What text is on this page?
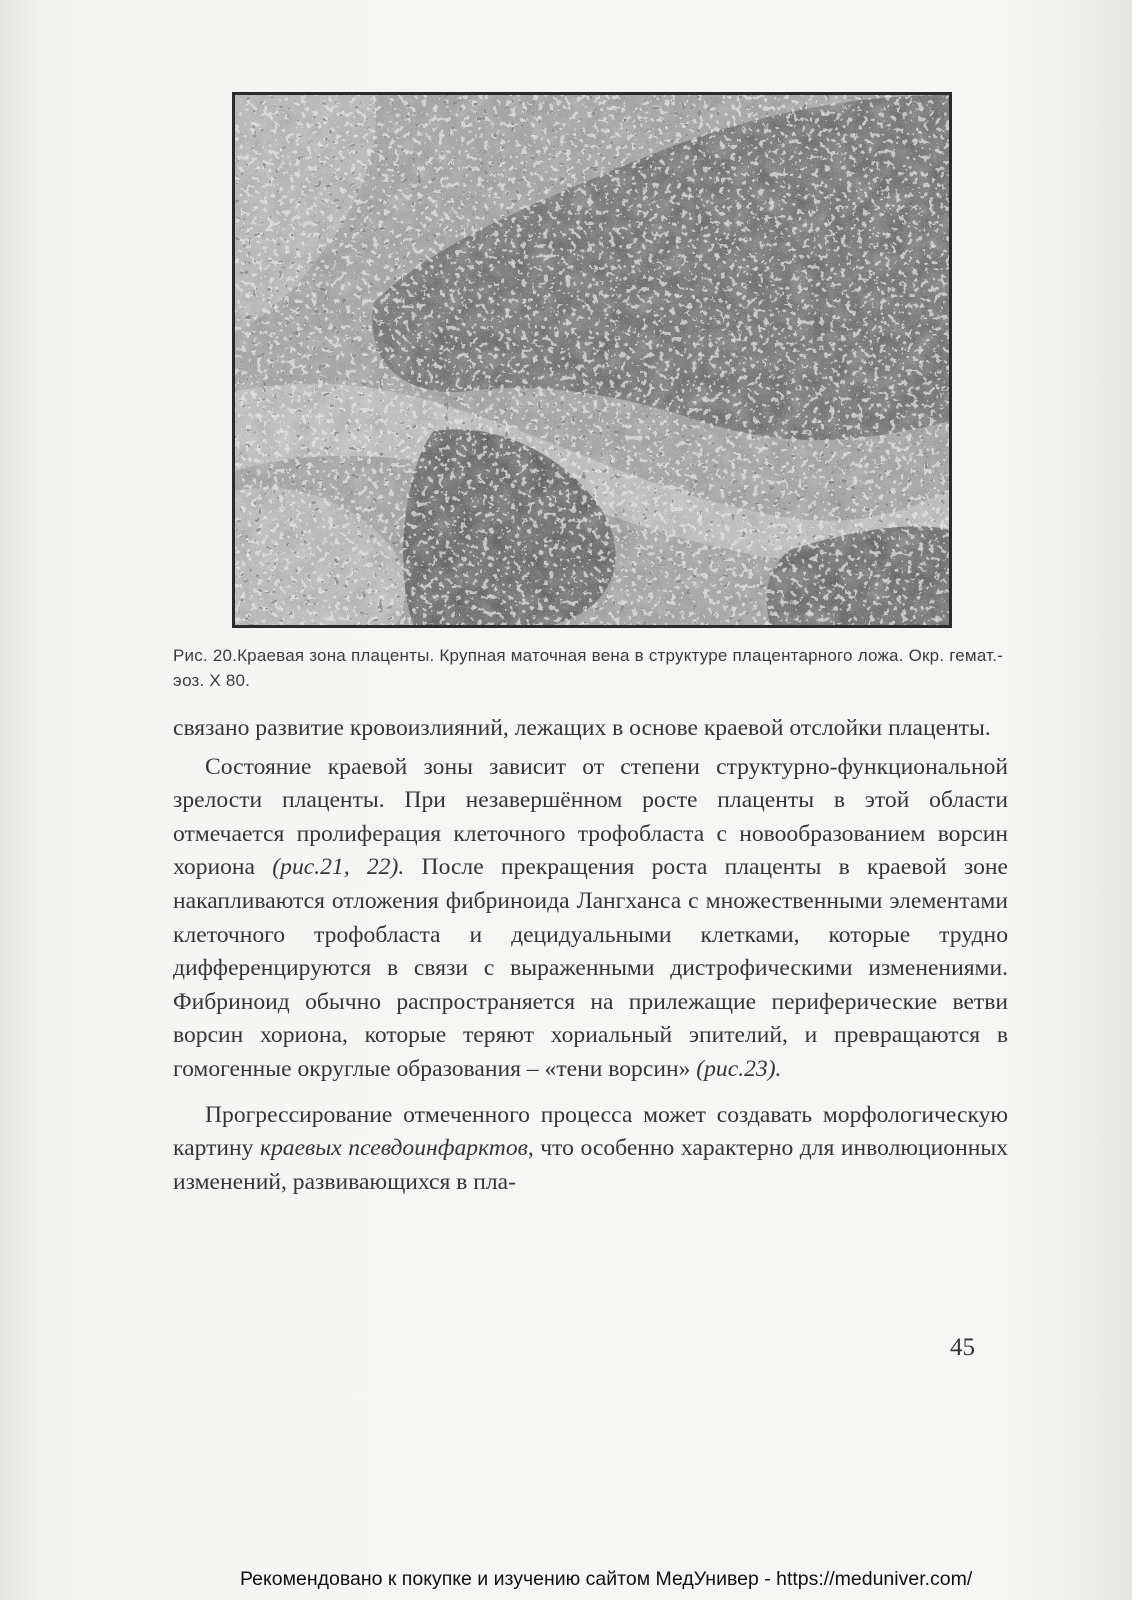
Рис. 20.Краевая зона плаценты. Крупная маточная вена в структуре плацентарного ложа. Окр. гемат.-эоз. Х 80.

связано развитие кровоизлияний, лежащих в основе краевой отслойки плаценты.

Состояние краевой зоны зависит от степени структурно-функциональной зрелости плаценты. При незавершённом росте плаценты в этой области отмечается пролиферация клеточного трофобласта с новообразованием ворсин хориона (рис.21, 22). После прекращения роста плаценты в краевой зоне накапливаются отложения фибриноида Лангханса с множественными элементами клеточного трофобласта и децидуальными клетками, которые трудно дифференцируются в связи с выраженными дистрофическими изменениями. Фибриноид обычно распространяется на прилежащие периферические ветви ворсин хориона, которые теряют хориальный эпителий, и превращаются в гомогенные округлые образования – «тени ворсин» (рис.23).

Прогрессирование отмеченного процесса может создавать морфологическую картину краевых псевдоинфарктов, что особенно характерно для инволюционных изменений, развивающихся в пла-

45
Рекомендовано к покупке и изучению сайтом МедУнивер - https://meduniver.com/
